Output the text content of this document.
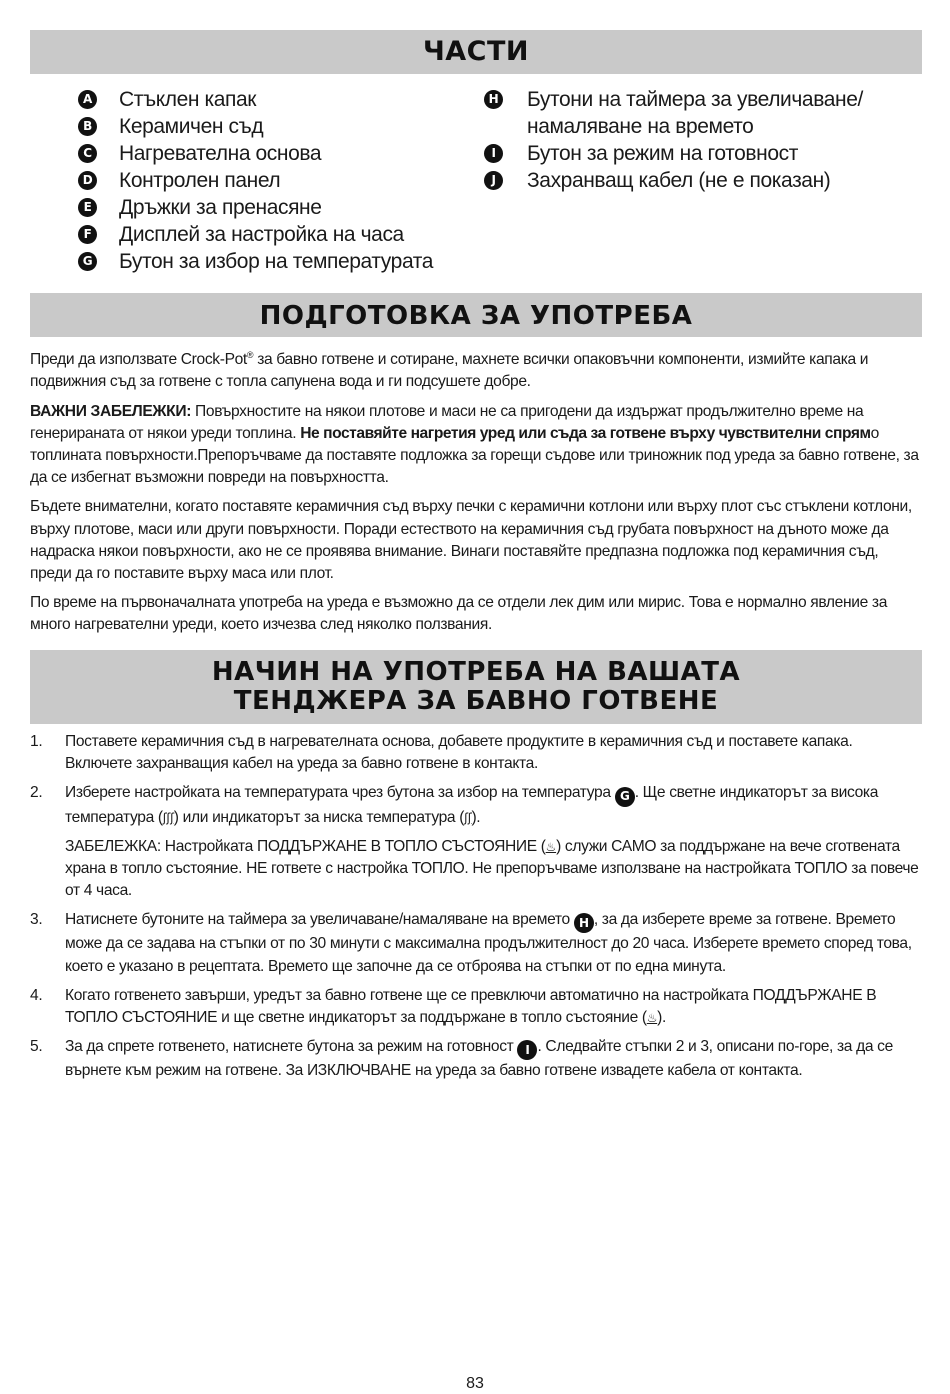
ЧАСТИ
A Стъклен капак
B Керамичен съд
C Нагревателна основа
D Контролен панел
E Дръжки за пренасяне
F Дисплей за настройка на часа
G Бутон за избор на температурата
H Бутони на таймера за увеличаване/
намаляване на времето
I	Бутон за режим на готовност
J	Захранващ кабел (не е показан)
ПОДГОТОВКА ЗА УПОТРЕБА

Преди да използвате Crock-Pot® за бавно готвене и сотиране, махнете всички опаковъчни компоненти, измийте капака и подвижния съд за готвене с топла сапунена вода и ги подсушете добре.

ВАЖНИ ЗАБЕЛЕЖКИ: Повърхностите на някои плотове и маси не са пригодени да издържат продължително време на генерираната от някои уреди топлина. Не поставяйте нагретия уред или съда за готвене върху чувствителни спрямо топлината повърхности.Препоръчваме да поставяте подложка за горещи съдове или триножник под уреда за бавно готвене, за да се избегнат възможни повреди на повърхността.

Бъдете внимателни, когато поставяте керамичния съд върху печки с керамични котлони или върху плот със стъклени котлони, върху плотове, маси или други повърхности. Поради естеството на керамичния съд грубата повърхност на дъното може да надраска някои повърхности, ако не се проявява внимание. Винаги поставяйте предпазна подложка под керамичния съд, преди да го поставите върху маса или плот.

По време на първоначалната употреба на уреда е възможно да се отдели лек дим или мирис. Това е нормално явление за много нагревателни уреди, което изчезва след няколко ползвания.

НАЧИН НА УПОТРЕБА НА ВАШАТА
ТЕНДЖЕРА ЗА БАВНО ГОТВЕНЕ
1.	Поставете керамичния съд в нагревателната основа, добавете продуктите в керамичния съд и поставете капака. Включете захранващия кабел на уреда за бавно готвене в контакта.
2.	Изберете настройката на температурата чрез бутона за избор на температура G . Ще светне индикаторът за висока температура (ʃʃʃ) или индикаторът за ниска температура (ʃʃ).
ЗАБЕЛЕЖКА: Настройката ПОДДЪРЖАНЕ В ТОПЛО СЪСТОЯНИЕ (♨) служи САМО за поддържане на вече сготвената храна в топло състояние. НЕ гответе с настройка ТОПЛО. Не препоръчваме използване на настройката ТОПЛО за повече от 4 часа.
3.	Натиснете бутоните на таймера за увеличаване/намаляване на времето H , за да изберете време за готвене. Времето може да се задава на стъпки от по 30 минути с максимална продължителност до 20 часа. Изберете времето според това, което е указано в рецептата. Времето ще започне да се отброява на стъпки от по една минута.
4.	Когато готвенето завърши, уредът за бавно готвене ще се превключи автоматично на настройката ПОДДЪРЖАНЕ В ТОПЛО СЪСТОЯНИЕ и ще светне индикаторът за поддържане в топло състояние (♨).
5.	За да спрете готвенето, натиснете бутона за режим на готовност I . Следвайте стъпки 2 и 3, описани по-горе, за да се върнете към режим на готвене. За ИЗКЛЮЧВАНЕ на уреда за бавно готвене извадете кабела от контакта.
83
